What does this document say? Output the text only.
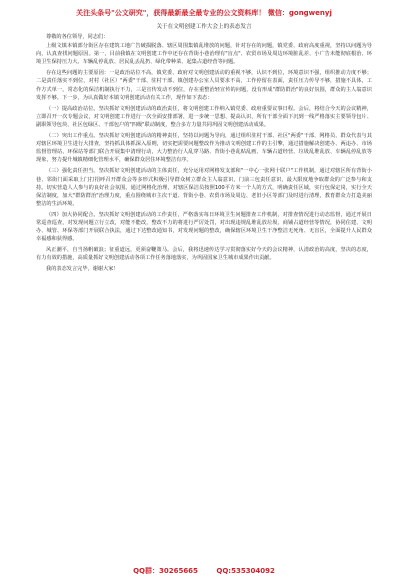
关注头条号"公文研究"，获得最新最全最专业的公文资料库！ 微信：gongwenyj
关于在文明创建工作大会上的表态发言

尊敬的各位领导，同志们：

上级文镇本镇部分街区存在建筑工地广告破损脱落、辖区周围集镇乱堆放的问题，针对存在的问题，镇党委、政府高度重视，坚持以问题为导向，认真查找问题原因。第一，目前我镇在文明创建工作中还存在背街小巷治理有"盲点"、农贸市场及周边环境脏乱差、小广告未能彻底根治、环境卫生保持压力大、车辆乱停乱放、居民乱丢乱扔、绿化带种菜、起集占道经营等问题。

存在这些问题的主要原因：一是政治站位不高，镇党委、政府对文明创建活动的重视不够，认识不到位，环境意识不强，组织推动力度不够；二是责任落实不到位，对村（社区）"两委"干部、驻村干部、镇创建办公室人员要求不高，工作停留在表面，责任压力传导不够，措施不具体，工作方式单一，常态化的保洁机制执行不力，三是宣传发动不到位，存在重整治轻宣传的问题，没有形成"群防群治"的良好氛围，群众的主人翁意识发挥不够。下一步，为认真做好本镇文明创建活动有关工作，现作如下表态：

（一）提高政治站位。坚决抓好文明创建活动的政治责任，将文明创建工作纳入镇党委、政府重要议事日程。会后，将结合今天的会议精神，立即召开一次专题会议，对文明创建工作进行一次全面安排部署，进一步统一思想、提高认识，所有干部全面下沉到一线严格落实主要领导包片、副职领导包块、社区包绿区、干部包户的"四级"联动制度，整合多方力量共同巩固文明创建活动成果。

（二）突出工作重点。坚决抓好文明创建活动的精神责任，坚持以问题为导向，通过组织驻村干部、社区"两委"干部、网格员、群众代表与其对辖区环境卫生进行大排查，坚持抓具体抓深入原则，切实把需要问题整改作为推动文明创建工作的主引擎，通过措施解决创建办、两违办、市场监督管理站、环保站等部门联合开展集中清理行动，大力整治行人乱穿马路、背街小巷乱贴乱画、车辆占道经营、垃圾乱堆乱放、车辆乱停乱放等现象，努力提升城镇精细化管理水平，确保群众居住环境整洁有序。

（三）强化责任担当。坚决抓好文明创建活动的主体责任，充分运用对网格发支部和"一中心一张网十联户"工作机制，通过对辖区所有背街小巷、邻街门面采取上门打招呼召开群众会等多形式积极引导群众树立群众主人翁意识，门前三包责任意识，最大限度地争取群众的广泛参与和支持。切实营造人人参与的良好社会氛围。通过网格化治理，对辖区保洁员按照100平方米一个人的方式，明确责任区域，实行包保定岗，实行全天保洁制度，加大"群防群治"治理力度，重点围绕城市主次干道、背街小巷、农贸市场及周边、老旧小区等部门及时进行清理，教育群众力打造美丽整洁的生活环境。

（四）加大协同配合。坚决抓好文明创建活动的工作责任，严格落实每日环境卫生问题排查工作机制，对排查情况进行动态监督，通过开展日常巡查巡查，对发现问题立行立改，对能不能改，整改不力的将进行严厉处罚，对出现违规乱堆乱放垃圾、商铺占道经营等情况，协同住建、文明办、城管、环保等部门开展联合执法，通过下达整改通知书，对发现问题的整改，确保辖区环境卫生干净整洁无死角、无盲区，全面提升人民群众幸福感和获得感。

风正潮平，自当扬帆破浪；征重道远，更须奋鞭策马。会后，我将迅速传达学习贯彻落实好今天的会议精神，认清政治的高度，坚决的态度，有力有效的措施，高质量抓好文明创建活动各项工作任务落地落实，为巩固国家卫生城市成果作出贡献。

我的表态发言完毕，谢谢大家！

QQ群：30265665	QQ:535304092
